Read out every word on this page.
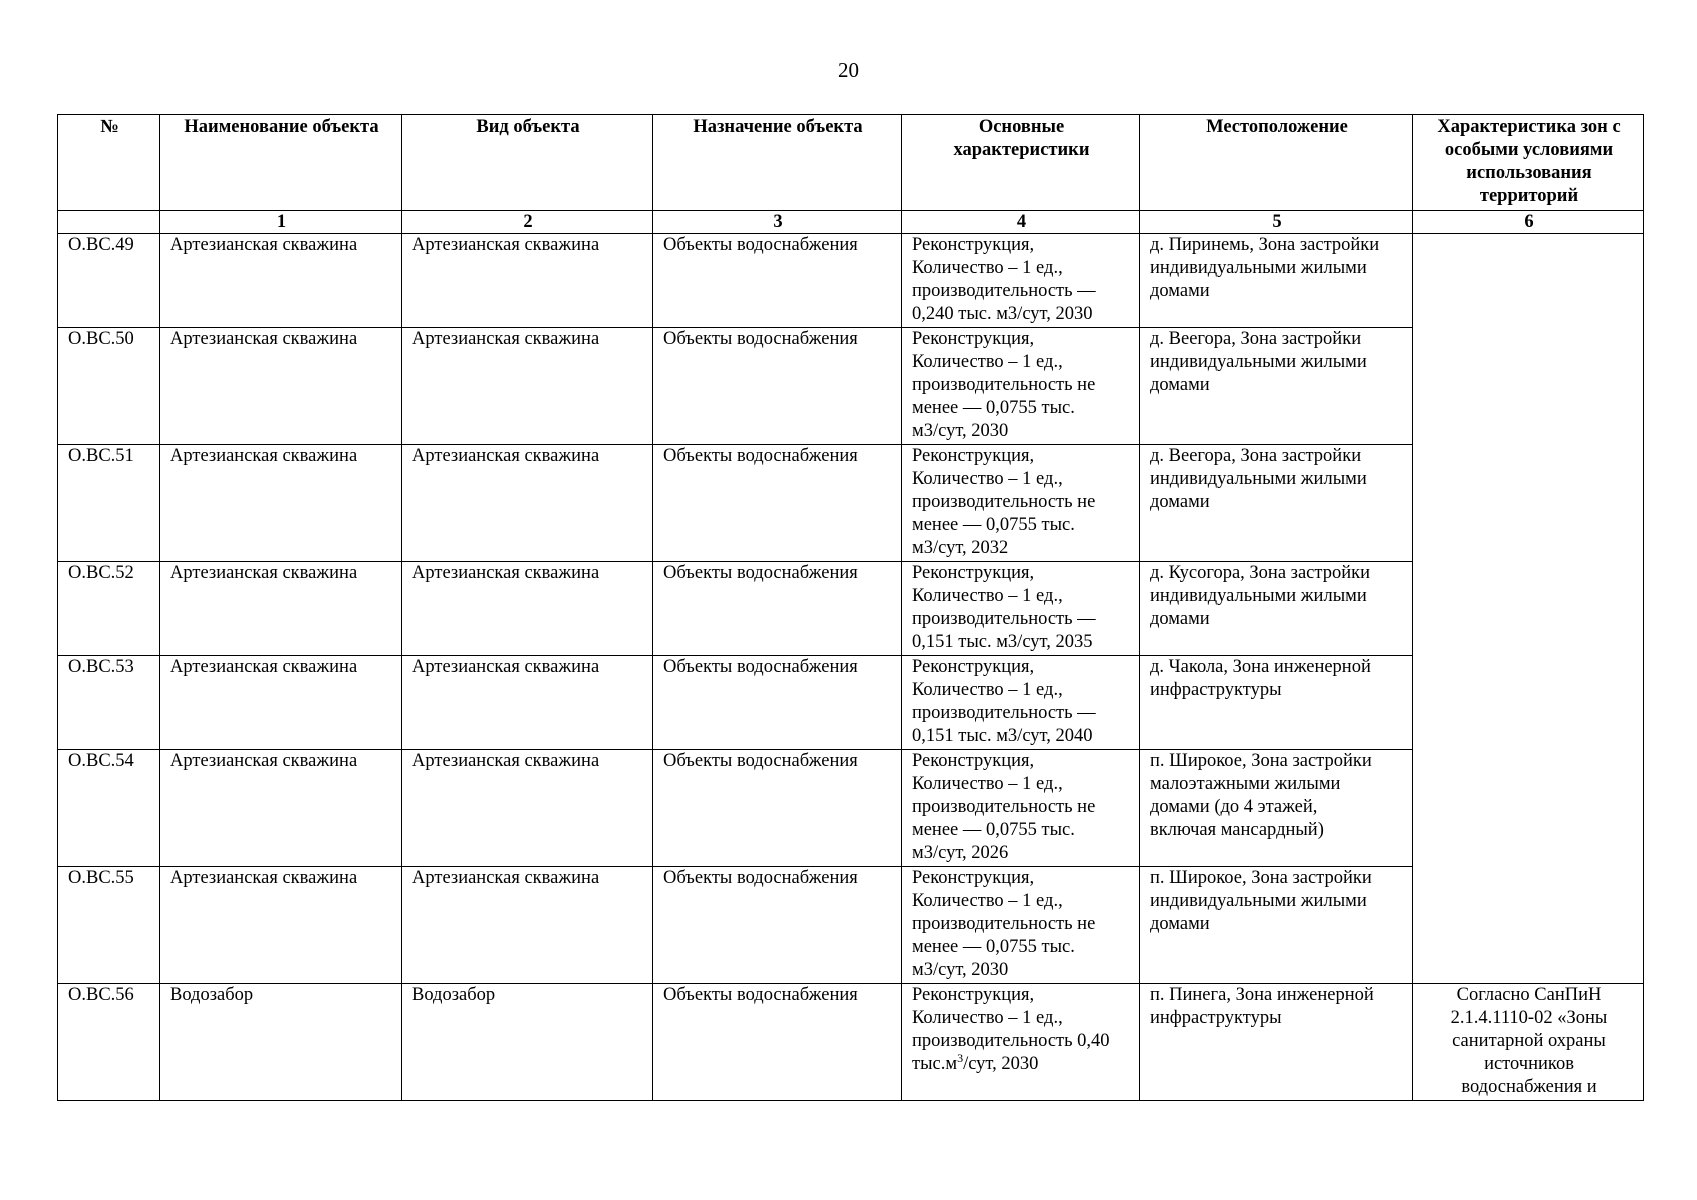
20
№	Наименование объекта	Вид объекта	Назначение объекта	Основные характеристики	Местоположение	Характеристика зон с особыми условиями использования территорий
	1	2	3	4	5	6
О.ВС.49	Артезианская скважина	Артезианская скважина	Объекты водоснабжения	Реконструкция,
Количество – 1 ед.,
производительность —
0,240 тыс. м3/сут, 2030	д. Пиринемь, Зона застройки
индивидуальными жилыми
домами	
О.ВС.50	Артезианская скважина	Артезианская скважина	Объекты водоснабжения	Реконструкция,
Количество – 1 ед.,
производительность не
менее — 0,0755 тыс.
м3/сут, 2030	д. Веегора, Зона застройки
индивидуальными жилыми
домами	
О.ВС.51	Артезианская скважина	Артезианская скважина	Объекты водоснабжения	Реконструкция,
Количество – 1 ед.,
производительность не
менее — 0,0755 тыс.
м3/сут, 2032	д. Веегора, Зона застройки
индивидуальными жилыми
домами	
О.ВС.52	Артезианская скважина	Артезианская скважина	Объекты водоснабжения	Реконструкция,
Количество – 1 ед.,
производительность —
0,151 тыс. м3/сут, 2035	д. Кусогора, Зона застройки
индивидуальными жилыми
домами	
О.ВС.53	Артезианская скважина	Артезианская скважина	Объекты водоснабжения	Реконструкция,
Количество – 1 ед.,
производительность —
0,151 тыс. м3/сут, 2040	д. Чакола, Зона инженерной
инфраструктуры	
О.ВС.54	Артезианская скважина	Артезианская скважина	Объекты водоснабжения	Реконструкция,
Количество – 1 ед.,
производительность не
менее — 0,0755 тыс.
м3/сут, 2026	п. Широкое, Зона застройки
малоэтажными жилыми
домами (до 4 этажей,
включая мансардный)	
О.ВС.55	Артезианская скважина	Артезианская скважина	Объекты водоснабжения	Реконструкция,
Количество – 1 ед.,
производительность не
менее — 0,0755 тыс.
м3/сут, 2030	п. Широкое, Зона застройки
индивидуальными жилыми
домами	
О.ВС.56	Водозабор	Водозабор	Объекты водоснабжения	Реконструкция,
Количество – 1 ед.,
производительность 0,40
$тыс.м^3$/сут, 2030	п. Пинега, Зона инженерной
инфраструктуры	Согласно СанПиН
2.1.4.1110-02 «Зоны
санитарной охраны
источников
водоснабжения и
